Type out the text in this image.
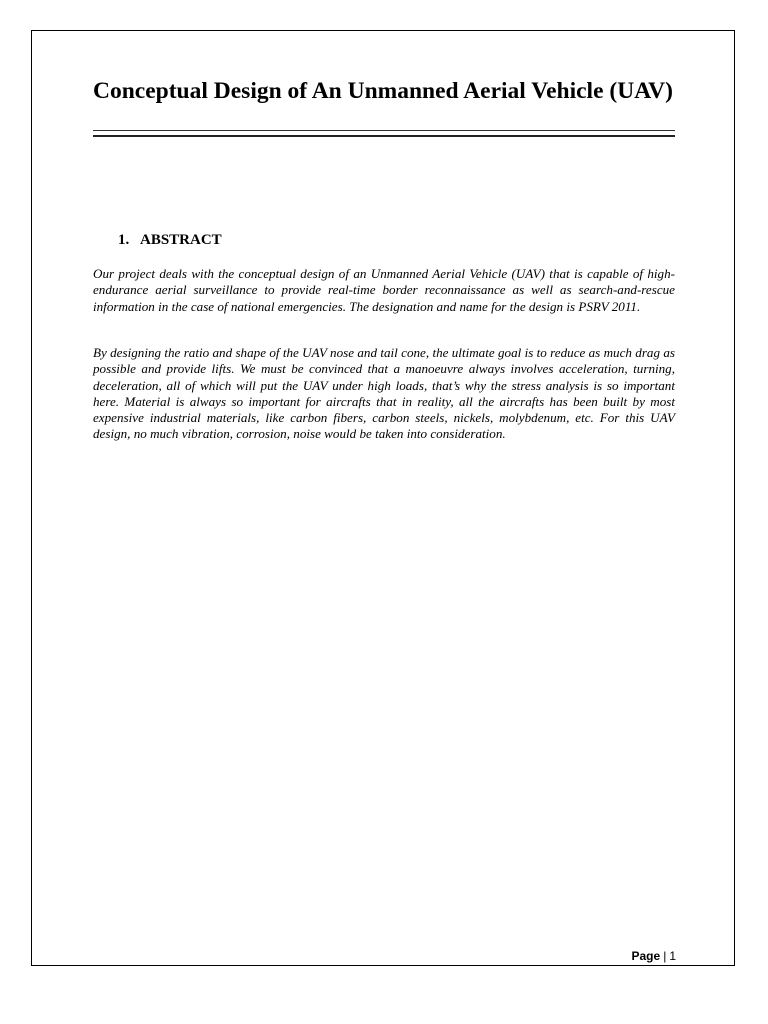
Conceptual Design of An Unmanned Aerial Vehicle (UAV)
1. ABSTRACT

Our project deals with the conceptual design of an Unmanned Aerial Vehicle (UAV) that is capable of high-endurance aerial surveillance to provide real-time border reconnaissance as well as search-and-rescue information in the case of national emergencies. The designation and name for the design is PSRV 2011.

By designing the ratio and shape of the UAV nose and tail cone, the ultimate goal is to reduce as much drag as possible and provide lifts. We must be convinced that a manoeuvre always involves acceleration, turning, deceleration, all of which will put the UAV under high loads, that’s why the stress analysis is so important here. Material is always so important for aircrafts that in reality, all the aircrafts has been built by most expensive industrial materials, like carbon fibers, carbon steels, nickels, molybdenum, etc. For this UAV design, no much vibration, corrosion, noise would be taken into consideration.

Page | 1
